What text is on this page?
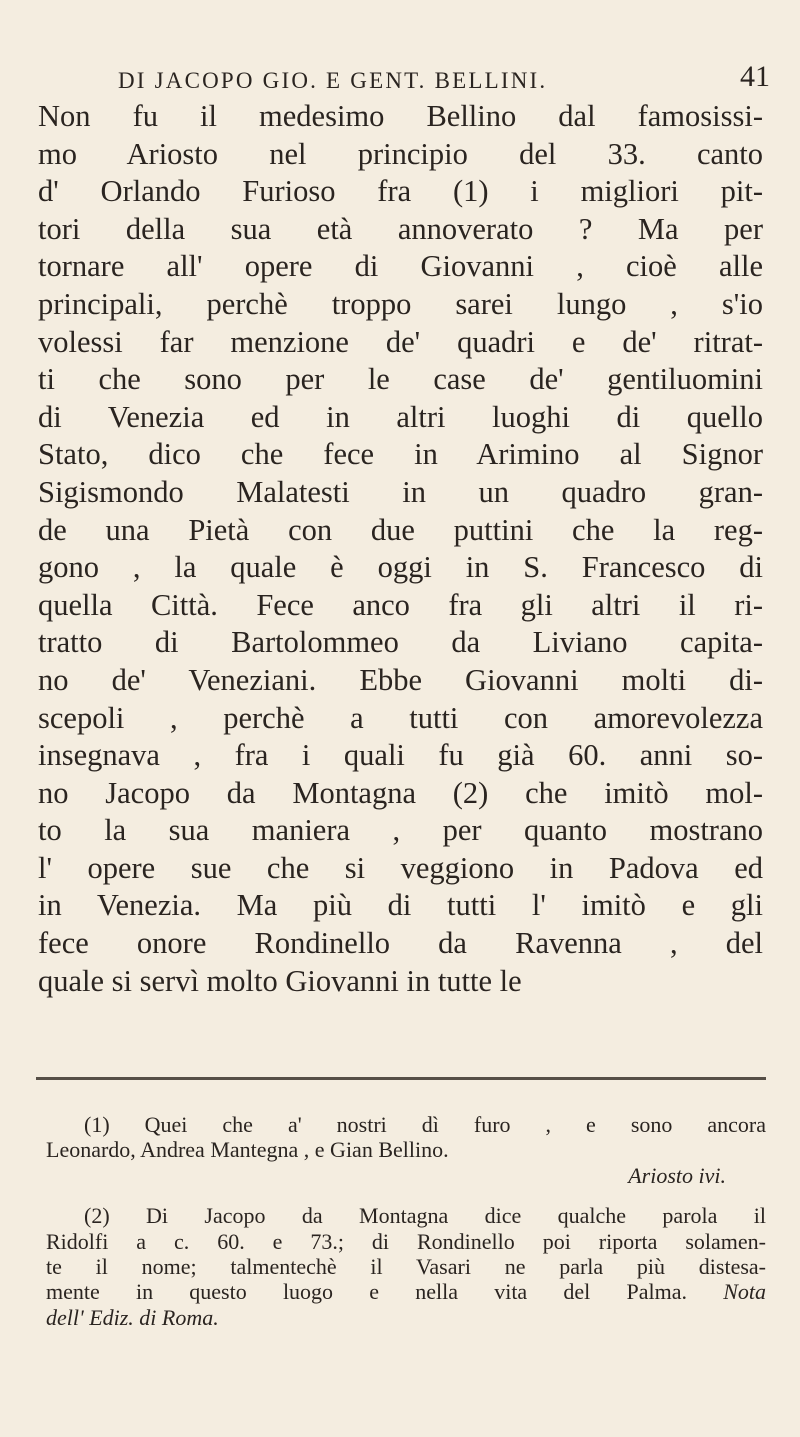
DI JACOPO GIO. E GENT. BELLINI.	41
Non fu il medesimo Bellino dal famosissi-
mo Ariosto nel principio del 33. canto
d' Orlando Furioso fra (1) i migliori pit-
tori della sua età annoverato ? Ma per
tornare all' opere di Giovanni , cioè alle
principali, perchè troppo sarei lungo , s'io
volessi far menzione de' quadri e de' ritrat-
ti che sono per le case de' gentiluomini
di Venezia ed in altri luoghi di quello
Stato, dico che fece in Arimino al Signor
Sigismondo Malatesti in un quadro gran-
de una Pietà con due puttini che la reg-
gono , la quale è oggi in S. Francesco di
quella Città. Fece anco fra gli altri il ri-
tratto di Bartolommeo da Liviano capita-
no de' Veneziani. Ebbe Giovanni molti di-
scepoli , perchè a tutti con amorevolezza
insegnava , fra i quali fu già 60. anni so-
no Jacopo da Montagna (2) che imitò mol-
to la sua maniera , per quanto mostrano
l' opere sue che si veggiono in Padova ed
in Venezia. Ma più di tutti l' imitò e gli
fece onore Rondinello da Ravenna , del
quale si servì molto Giovanni in tutte le
(1) Quei che a' nostri dì furo , e sono ancora
Leonardo, Andrea Mantegna , e Gian Bellino.
Ariosto ivi.
(2) Di Jacopo da Montagna dice qualche parola il
Ridolfi a c. 60. e 73.; di Rondinello poi riporta solamen-
te il nome; talmentechè il Vasari ne parla più distesa-
mente in questo luogo e nella vita del Palma. Nota
dell' Ediz. di Roma.
